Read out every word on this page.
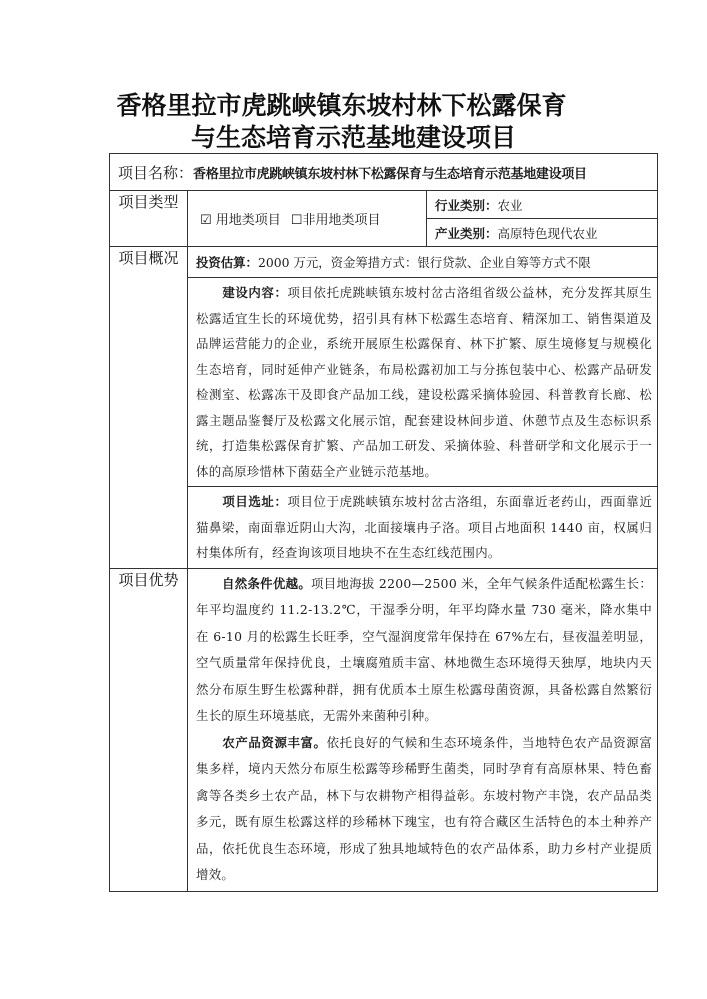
香格里拉市虎跳峡镇东坡村林下松露保育
与生态培育示范基地建设项目
项目名称：香格里拉市虎跳峡镇东坡村林下松露保育与生态培育示范基地建设项目		
项目类型	☑ 用地类项目 ☐非用地类项目	行业类别：农业
		产业类别：高原特色现代农业
项目概况	投资估算：2000 万元，资金筹措方式：银行贷款、企业自筹等方式不限	
	建设内容：项目依托虎跳峡镇东坡村岔古洛组省级公益林，充分发挥其原生松露适宜生长的环境优势，招引具有林下松露生态培育、精深加工、销售渠道及品牌运营能力的企业，系统开展原生松露保育、林下扩繁、原生境修复与规模化生态培育，同时延伸产业链条，布局松露初加工与分拣包装中心、松露产品研发检测室、松露冻干及即食产品加工线，建设松露采摘体验园、科普教育长廊、松露主题品鉴餐厅及松露文化展示馆，配套建设林间步道、休憩节点及生态标识系统，打造集松露保育扩繁、产品加工研发、采摘体验、科普研学和文化展示于一体的高原珍惜林下菌菇全产业链示范基地。	
	项目选址：项目位于虎跳峡镇东坡村岔古洛组，东面靠近老药山，西面靠近猫鼻梁，南面靠近阴山大沟，北面接壤冉子洛。项目占地面积 1440 亩，权属归村集体所有，经查询该项目地块不在生态红线范围内。	
项目优势	自然条件优越。项目地海拔 2200—2500 米，全年气候条件适配松露生长：年平均温度约 11.2-13.2℃，干湿季分明，年平均降水量 730 毫米，降水集中在 6-10 月的松露生长旺季，空气湿润度常年保持在 67%左右，昼夜温差明显，空气质量常年保持优良，土壤腐殖质丰富、林地微生态环境得天独厚，地块内天然分布原生野生松露种群，拥有优质本土原生松露母菌资源，具备松露自然繁衍生长的原生环境基底，无需外来菌种引种。
农产品资源丰富。依托良好的气候和生态环境条件，当地特色农产品资源富集多样，境内天然分布原生松露等珍稀野生菌类，同时孕育有高原林果、特色畜禽等各类乡土农产品，林下与农耕物产相得益彰。东坡村物产丰饶，农产品品类多元，既有原生松露这样的珍稀林下瑰宝，也有符合藏区生活特色的本土种养产品，依托优良生态环境，形成了独具地域特色的农产品体系，助力乡村产业提质增效。	
